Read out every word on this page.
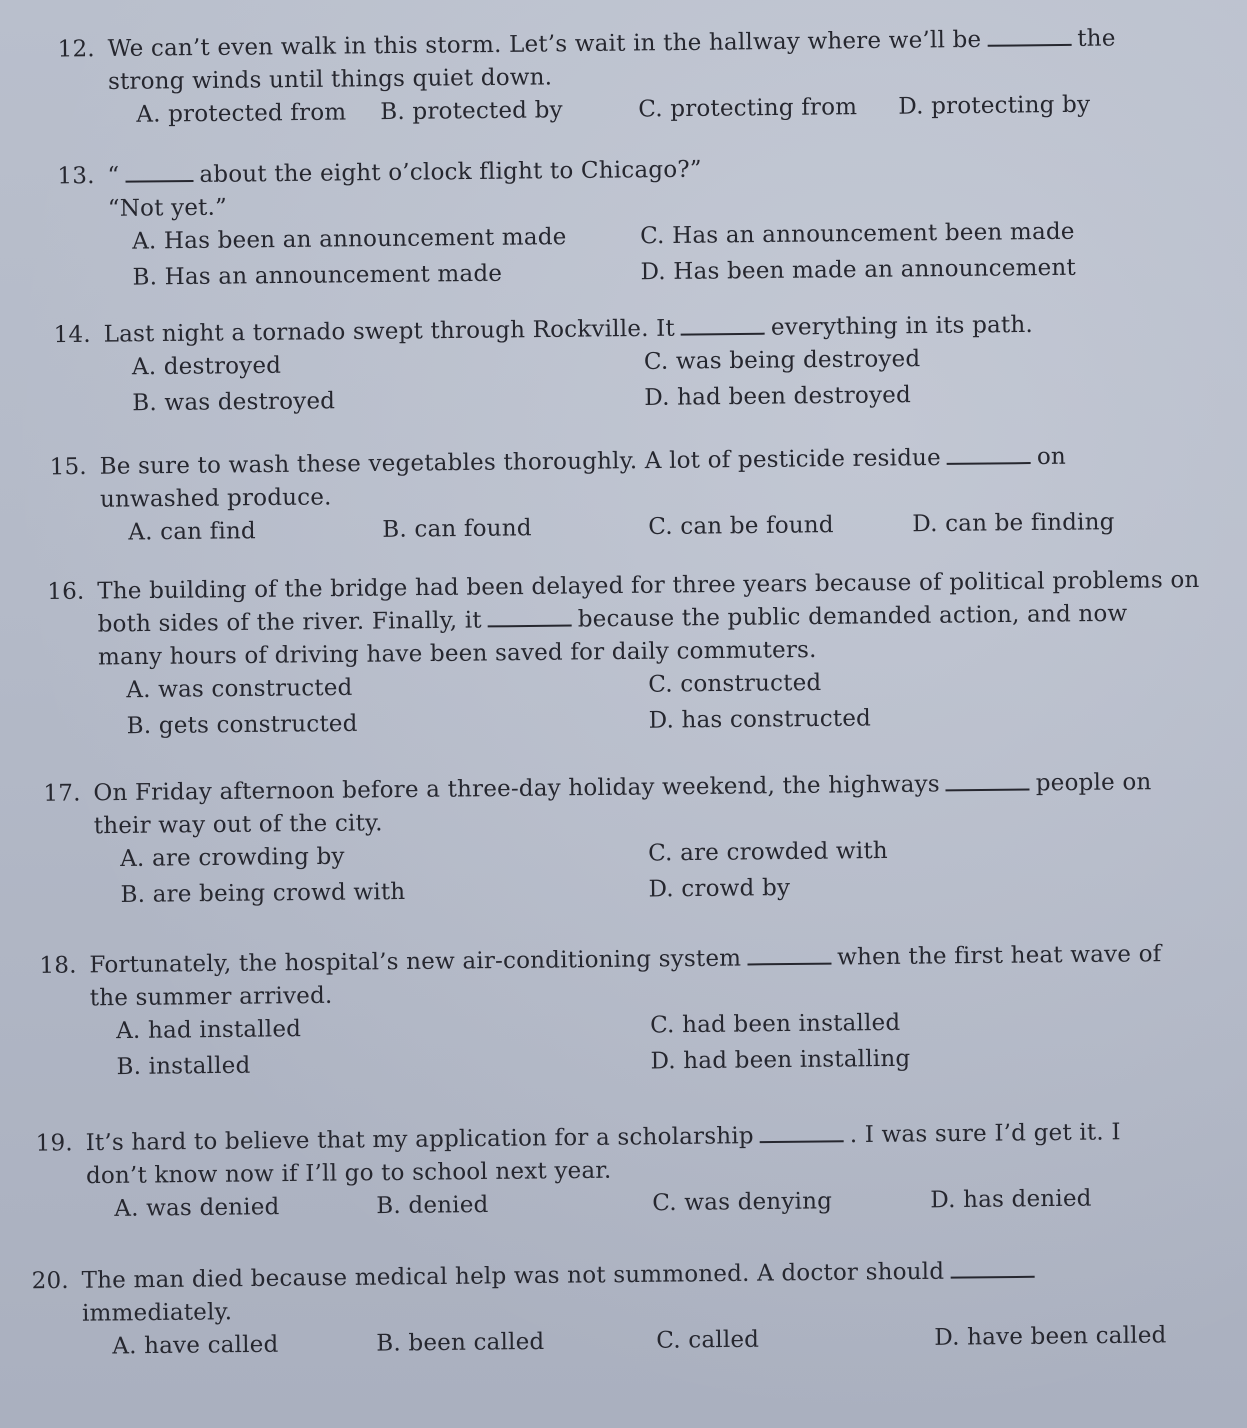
12. We can’t even walk in this storm. Let’s wait in the hallway where we’ll be	the
strong winds until things quiet down.
A. protected from B. protected by	C. protecting from D. protecting by
13. “	about the eight o’clock flight to Chicago?”
“Not yet.”
A. Has been an announcement made	C. Has an announcement been made
B. Has an announcement made	D. Has been made an announcement
14. Last night a tornado swept through Rockville. It	everything in its path.
A. destroyed	C. was being destroyed
B. was destroyed	D. had been destroyed
15. Be sure to wash these vegetables thoroughly. A lot of pesticide residue	on
unwashed produce.
A. can find	B. can found	C. can be found	D. can be finding
16. The building of the bridge had been delayed for three years because of political problems on
both sides of the river. Finally, it	because the public demanded action, and now
many hours of driving have been saved for daily commuters.
A. was constructed	C. constructed
B. gets constructed	D. has constructed
17. On Friday afternoon before a three-day holiday weekend, the highways	people on
their way out of the city.
A. are crowding by	C. are crowded with
B. are being crowd with	D. crowd by
18. Fortunately, the hospital’s new air-conditioning system	when the first heat wave of
the summer arrived.
A. had installed	C. had been installed
B. installed	D. had been installing
19. It’s hard to believe that my application for a scholarship	. I was sure I’d get it. I
don’t know now if I’ll go to school next year.
A. was denied	B. denied	C. was denying	D. has denied
20. The man died because medical help was not summoned. A doctor should
immediately.
A. have called	B. been called	C. called	D. have been called
